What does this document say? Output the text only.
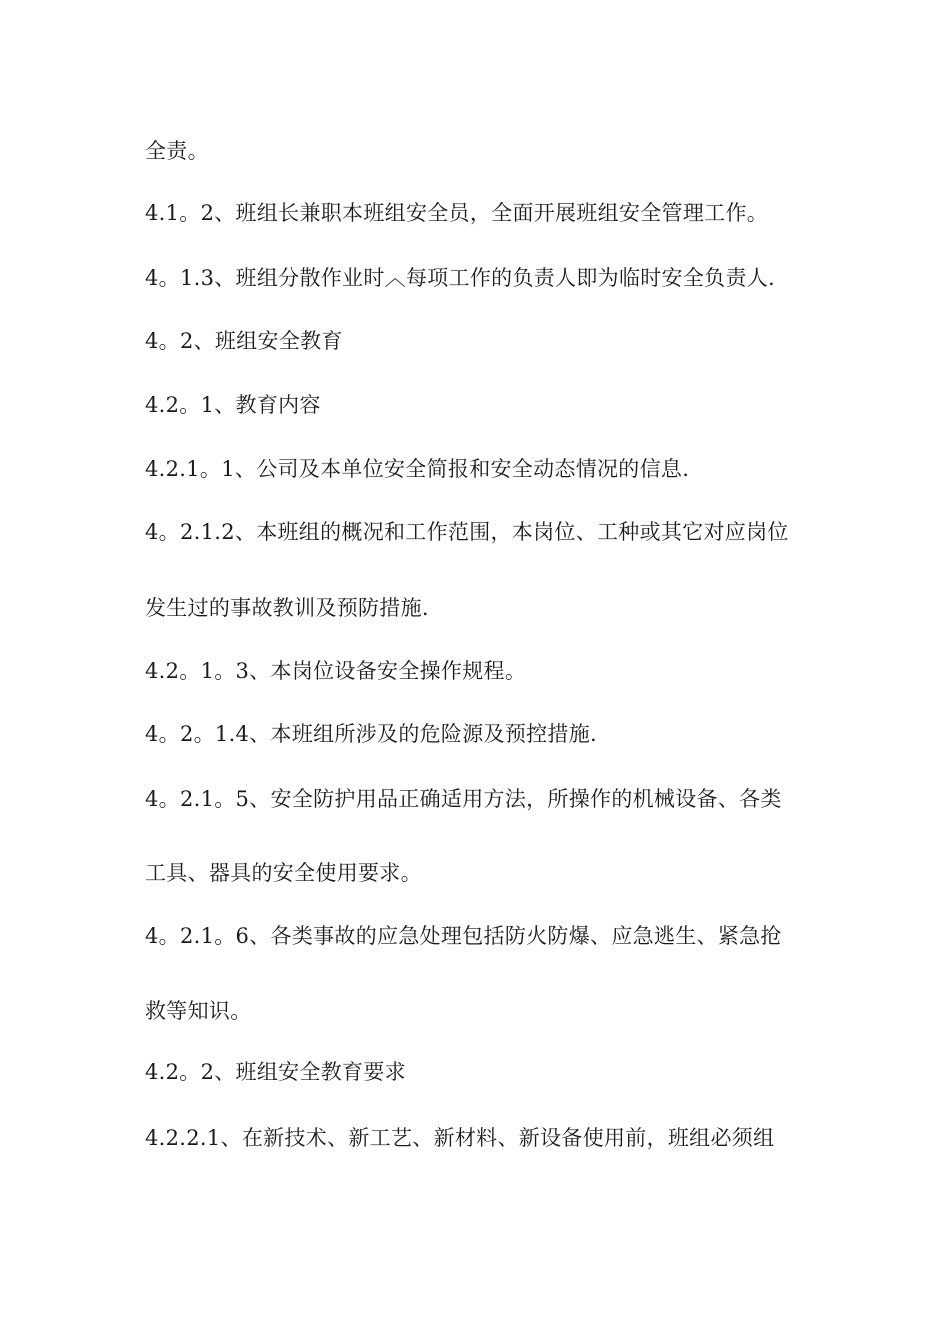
全责。
4.1。2、班组长兼职本班组安全员，全面开展班组安全管理工作。
4。1.3、班组分散作业时︿每项工作的负责人即为临时安全负责人.
4。2、班组安全教育
4.2。1、教育内容
4.2.1。1、公司及本单位安全简报和安全动态情况的信息.
4。2.1.2、本班组的概况和工作范围，本岗位、工种或其它对应岗位
发生过的事故教训及预防措施.
4.2。1。3、本岗位设备安全操作规程。
4。2。1.4、本班组所涉及的危险源及预控措施.
4。2.1。5、安全防护用品正确适用方法，所操作的机械设备、各类
工具、器具的安全使用要求。
4。2.1。6、各类事故的应急处理包括防火防爆、应急逃生、紧急抢
救等知识。
4.2。2、班组安全教育要求
4.2.2.1、在新技术、新工艺、新材料、新设备使用前，班组必须组
